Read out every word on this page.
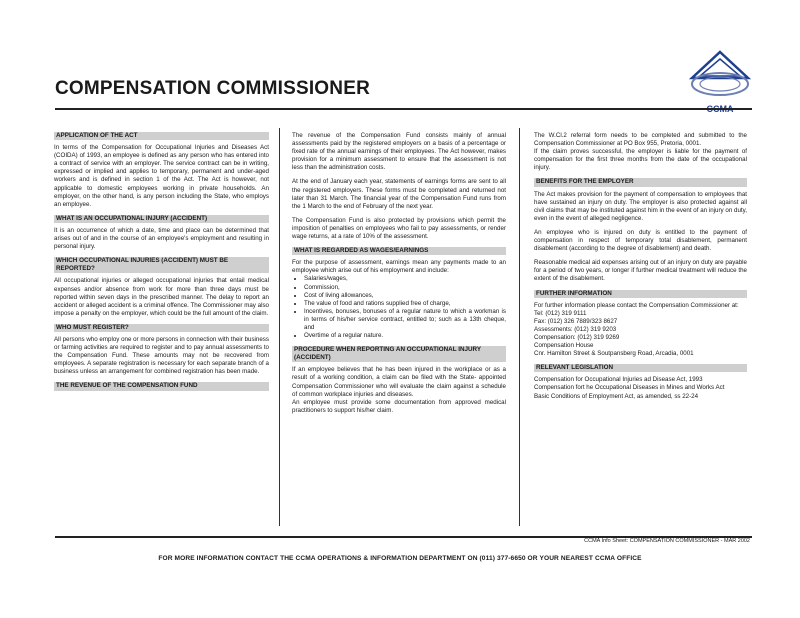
COMPENSATION COMMISSIONER
CCMA
APPLICATION OF THE ACT

In terms of the Compensation for Occupational Injuries and Diseases Act (COIDA) of 1993, an employee is defined as any person who has entered into a contract of service with an employer. The service contract can be in writing, expressed or implied and applies to temporary, permanent and under-aged workers and is defined in section 1 of the Act. The Act is however, not applicable to domestic employees working in private households. An employer, on the other hand, is any person including the State, who employs an employee.

WHAT IS AN OCCUPATIONAL INJURY (ACCIDENT)

It is an occurrence of which a date, time and place can be determined that arises out of and in the course of an employee's employment and resulting in personal injury.

WHICH OCCUPATIONAL INJURIES (ACCIDENT) MUST BE REPORTED?

All occupational injuries or alleged occupational injuries that entail medical expenses and/or absence from work for more than three days must be reported within seven days in the prescribed manner. The delay to report an accident or alleged accident is a criminal offence. The Commissioner may also impose a penalty on the employer, which could be the full amount of the claim.

WHO MUST REGISTER?

All persons who employ one or more persons in connection with their business or farming activities are required to register and to pay annual assessments to the Compensation Fund. These amounts may not be recovered from employees. A separate registration is necessary for each separate branch of a business unless an arrangement for combined registration has been made.

THE REVENUE OF THE COMPENSATION FUND

The revenue of the Compensation Fund consists mainly of annual assessments paid by the registered employers on a basis of a percentage or fixed rate of the annual earnings of their employees. The Act however, makes provision for a minimum assessment to ensure that the assessment is not less than the administration costs.

At the end of January each year, statements of earnings forms are sent to all the registered employers. These forms must be completed and returned not later than 31 March. The financial year of the Compensation Fund runs from the 1 March to the end of February of the next year.

The Compensation Fund is also protected by provisions which permit the imposition of penalties on employees who fail to pay assessments, or render wage returns, at a rate of 10% of the assessment.

WHAT IS REGARDED AS WAGES/EARNINGS

For the purpose of assessment, earnings mean any payments made to an employee which arise out of his employment and include:

• Salaries/wages,
• Commission,
• Cost of living allowances,
• The value of food and rations supplied free of charge,
• Incentives, bonuses, bonuses of a regular nature to which a workman is in terms of his/her service contract, entitled to; such as a 13th cheque, and
• Overtime of a regular nature.
PROCEDURE WHEN REPORTING AN OCCUPATIONAL INJURY (ACCIDENT)

If an employee believes that he has been injured in the workplace or as a result of a working condition, a claim can be filed with the State- appointed Compensation Commissioner who will evaluate the claim against a schedule of common workplace injuries and diseases.

An employee must provide some documentation from approved medical practitioners to support his/her claim.

The W.Cl.2 referral form needs to be completed and submitted to the Compensation Commissioner at PO Box 955, Pretoria, 0001.

If the claim proves successful, the employer is liable for the payment of compensation for the first three months from the date of the occupational injury.

BENEFITS FOR THE EMPLOYER

The Act makes provision for the payment of compensation to employees that have sustained an injury on duty. The employer is also protected against all civil claims that may be instituted against him in the event of an injury on duty, even in the event of alleged negligence.

An employee who is injured on duty is entitled to the payment of compensation in respect of temporary total disablement, permanent disablement (according to the degree of disablement) and death.

Reasonable medical aid expenses arising out of an injury on duty are payable for a period of two years, or longer if further medical treatment will reduce the extent of the disablement.

FURTHER INFORMATION

For further information please contact the Compensation Commissioner at:

Tel: (012) 319 9111
Fax: (012) 326 7889/323 8627
Assessments: (012) 319 9203
Compensation: (012) 319 9269
Compensation House
Cnr. Hamilton Street & Soutpansberg Road, Arcadia, 0001
RELEVANT LEGISLATION
Compensation for Occupational Injuries ad Disease Act, 1993
Compensation fort he Occupational Diseases in Mines and Works Act
Basic Conditions of Employment Act, as amended, ss 22-24
CCMA Info Sheet: COMPENSATION COMMISSIONER - MAR 2002
FOR MORE INFORMATION CONTACT THE CCMA OPERATIONS & INFORMATION DEPARTMENT ON (011) 377-6650 OR YOUR NEAREST CCMA OFFICE
